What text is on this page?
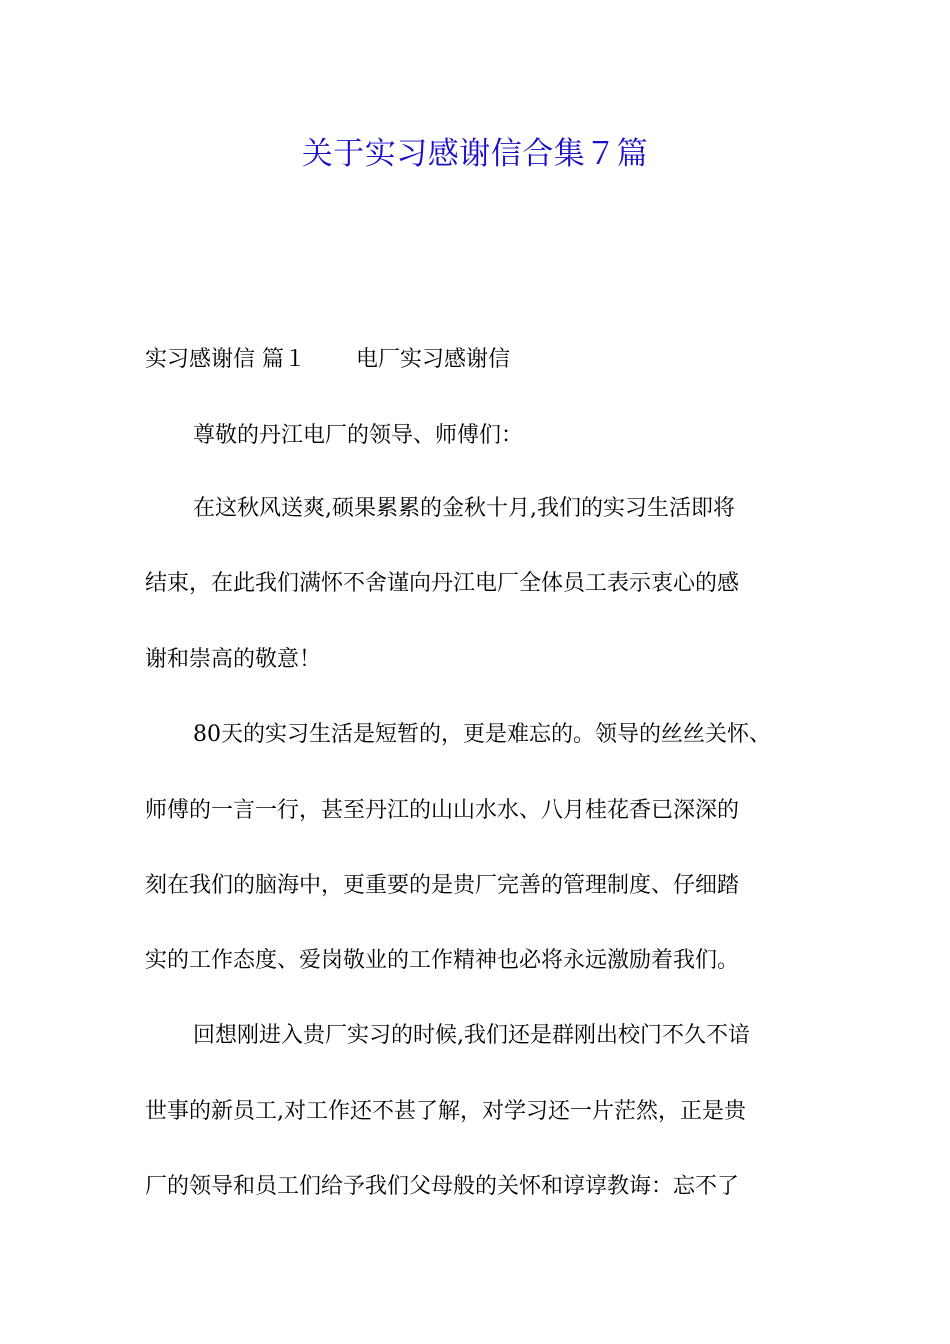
关于实习感谢信合集７篇

实习感谢信 篇１ 电厂实习感谢信

尊敬的丹江电厂的领导、师傅们：

在这秋风送爽,硕果累累的金秋十月,我们的实习生活即将

结束，在此我们满怀不舍谨向丹江电厂全体员工表示衷心的感

谢和崇高的敬意！

80天的实习生活是短暂的，更是难忘的。领导的丝丝关怀、

师傅的一言一行，甚至丹江的山山水水、八月桂花香已深深的

刻在我们的脑海中，更重要的是贵厂完善的管理制度、仔细踏

实的工作态度、爱岗敬业的工作精神也必将永远激励着我们。

回想刚进入贵厂实习的时候,我们还是群刚出校门不久不谙

世事的新员工,对工作还不甚了解，对学习还一片茫然，正是贵

厂的领导和员工们给予我们父母般的关怀和谆谆教诲：忘不了
